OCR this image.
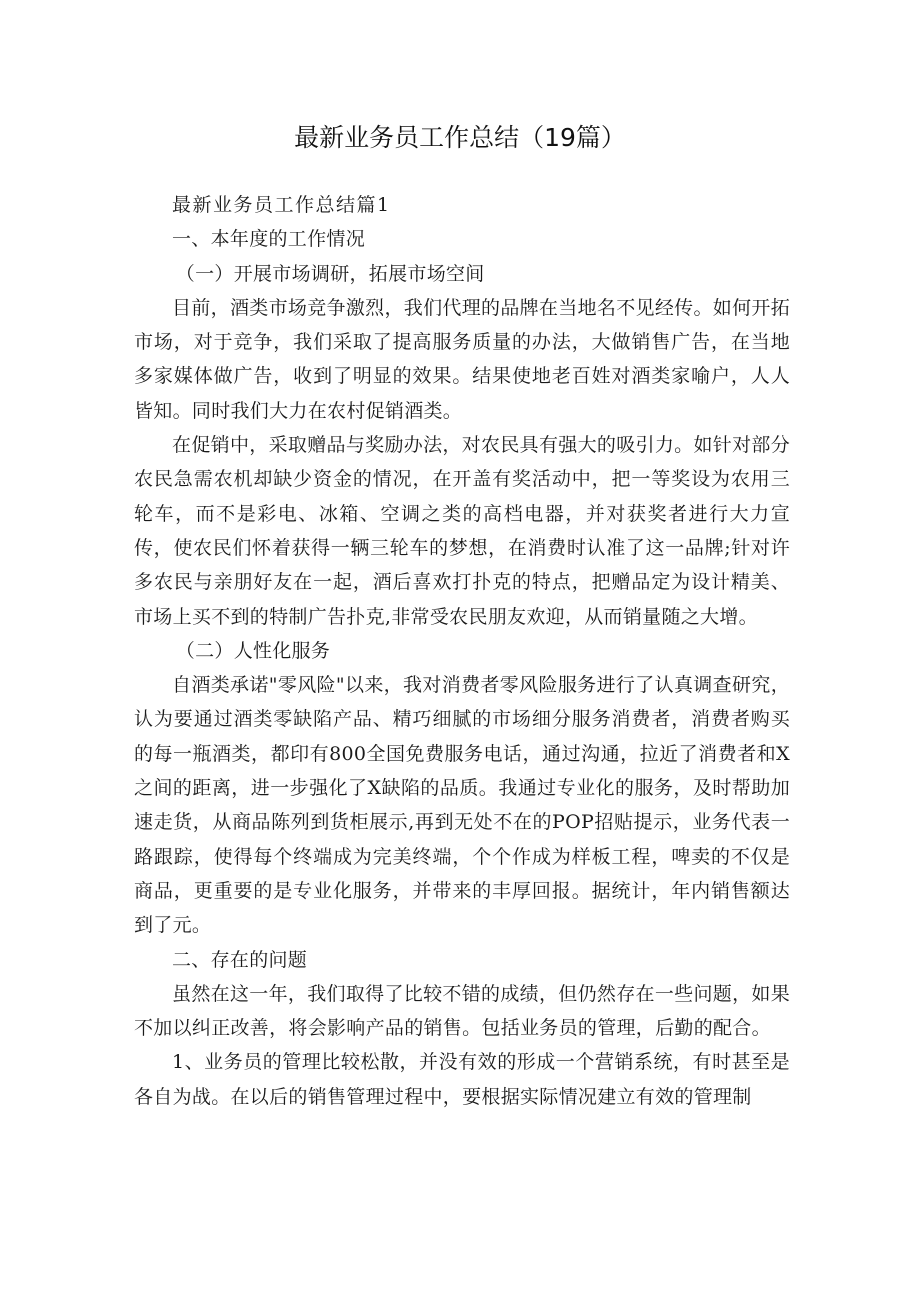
最新业务员工作总结（19篇）

最新业务员工作总结篇1

一、本年度的工作情况

（一）开展市场调研，拓展市场空间

目前，酒类市场竞争激烈，我们代理的品牌在当地名不见经传。如何开拓市场，对于竞争，我们采取了提高服务质量的办法，大做销售广告，在当地多家媒体做广告，收到了明显的效果。结果使地老百姓对酒类家喻户，人人皆知。同时我们大力在农村促销酒类。

在促销中，采取赠品与奖励办法，对农民具有强大的吸引力。如针对部分农民急需农机却缺少资金的情况，在开盖有奖活动中，把一等奖设为农用三轮车，而不是彩电、冰箱、空调之类的高档电器，并对获奖者进行大力宣传，使农民们怀着获得一辆三轮车的梦想，在消费时认准了这一品牌;针对许多农民与亲朋好友在一起，酒后喜欢打扑克的特点，把赠品定为设计精美、市场上买不到的特制广告扑克,非常受农民朋友欢迎，从而销量随之大增。

（二）人性化服务

自酒类承诺"零风险"以来，我对消费者零风险服务进行了认真调查研究，认为要通过酒类零缺陷产品、精巧细腻的市场细分服务消费者，消费者购买的每一瓶酒类，都印有800全国免费服务电话，通过沟通，拉近了消费者和X之间的距离，进一步强化了X缺陷的品质。我通过专业化的服务，及时帮助加速走货，从商品陈列到货柜展示,再到无处不在的POP招贴提示，业务代表一路跟踪，使得每个终端成为完美终端，个个作成为样板工程，啤卖的不仅是商品，更重要的是专业化服务，并带来的丰厚回报。据统计，年内销售额达到了元。

二、存在的问题

虽然在这一年，我们取得了比较不错的成绩，但仍然存在一些问题，如果不加以纠正改善，将会影响产品的销售。包括业务员的管理，后勤的配合。

1、业务员的管理比较松散，并没有效的形成一个营销系统，有时甚至是各自为战。在以后的销售管理过程中，要根据实际情况建立有效的管理制
